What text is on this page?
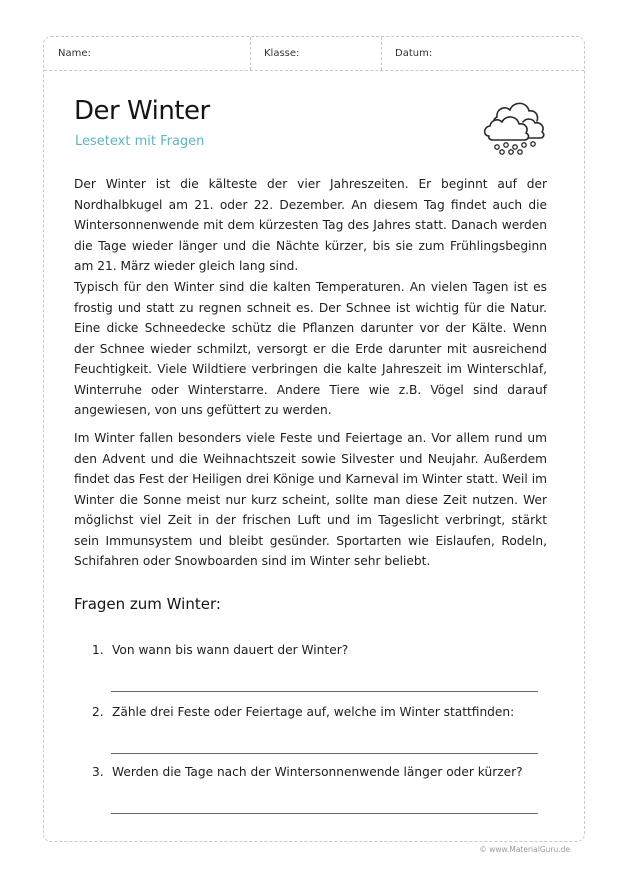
Name:	Klasse:	Datum:
Der Winter
Lesetext mit Fragen
Der Winter ist die kälteste der vier Jahreszeiten. Er beginnt auf der Nordhalbkugel am 21. oder 22. Dezember. An diesem Tag findet auch die Wintersonnenwende mit dem kürzesten Tag des Jahres statt. Danach werden die Tage wieder länger und die Nächte kürzer, bis sie zum Frühlingsbeginn am 21. März wieder gleich lang sind.
Typisch für den Winter sind die kalten Temperaturen. An vielen Tagen ist es frostig und statt zu regnen schneit es. Der Schnee ist wichtig für die Natur. Eine dicke Schneedecke schütz die Pflanzen darunter vor der Kälte. Wenn der Schnee wieder schmilzt, versorgt er die Erde darunter mit ausreichend Feuchtigkeit. Viele Wildtiere verbringen die kalte Jahreszeit im Winterschlaf, Winterruhe oder Winterstarre. Andere Tiere wie z.B. Vögel sind darauf angewiesen, von uns gefüttert zu werden.
Im Winter fallen besonders viele Feste und Feiertage an. Vor allem rund um den Advent und die Weihnachtszeit sowie Silvester und Neujahr. Außerdem findet das Fest der Heiligen drei Könige und Karneval im Winter statt. Weil im Winter die Sonne meist nur kurz scheint, sollte man diese Zeit nutzen. Wer möglichst viel Zeit in der frischen Luft und im Tageslicht verbringt, stärkt sein Immunsystem und bleibt gesünder. Sportarten wie Eislaufen, Rodeln, Schifahren oder Snowboarden sind im Winter sehr beliebt.
Fragen zum Winter:
1. Von wann bis wann dauert der Winter?
2. Zähle drei Feste oder Feiertage auf, welche im Winter stattfinden:
3. Werden die Tage nach der Wintersonnenwende länger oder kürzer?
© www.MaterialGuru.de
